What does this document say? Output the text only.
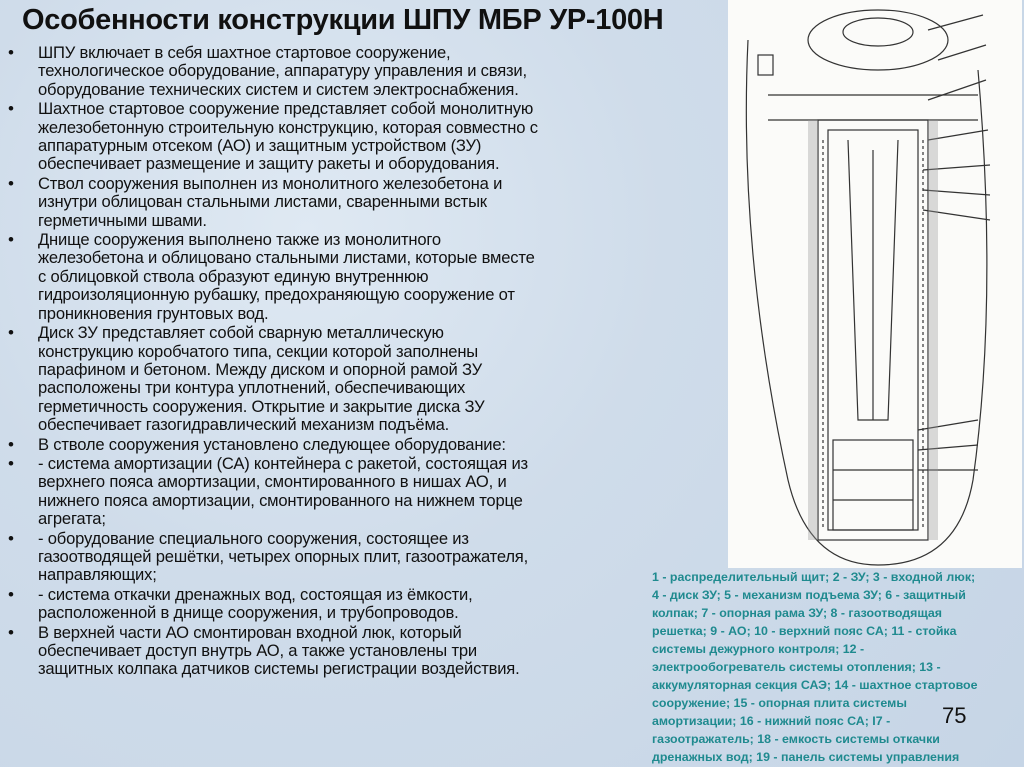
Особенности конструкции ШПУ МБР УР-100Н
• ШПУ включает в себя шахтное стартовое сооружение,
технологическое оборудование, аппаратуру управления и связи,
оборудование технических систем и систем электроснабжения.
• Шахтное стартовое сооружение представляет собой монолитную
железобетонную строительную конструкцию, которая совместно с
аппаратурным отсеком (АО) и защитным устройством (ЗУ)
обеспечивает размещение и защиту ракеты и оборудования.
• Ствол сооружения выполнен из монолитного железобетона и
изнутри облицован стальными листами, сваренными встык
герметичными швами.
• Днище сооружения выполнено также из монолитного
железобетона и облицовано стальными листами, которые вместе
с облицовкой ствола образуют единую внутреннюю
гидроизоляционную рубашку, предохраняющую сооружение от
проникновения грунтовых вод.
• Диск ЗУ представляет собой сварную металлическую
конструкцию коробчатого типа, секции которой заполнены
парафином и бетоном. Между диском и опорной рамой ЗУ
расположены три контура уплотнений, обеспечивающих
герметичность сооружения. Открытие и закрытие диска ЗУ
обеспечивает газогидравлический механизм подъёма.
• В стволе сооружения установлено следующее оборудование:
• - система амортизации (СА) контейнера с ракетой, состоящая из
верхнего пояса амортизации, смонтированного в нишах АО, и
нижнего пояса амортизации, смонтированного на нижнем торце
агрегата;
• - оборудование специального сооружения, состоящее из
газоотводящей решётки, четырех опорных плит, газоотражателя,
направляющих;
• - система откачки дренажных вод, состоящая из ёмкости,
расположенной в днище сооружения, и трубопроводов.
• В верхней части АО смонтирован входной люк, который
обеспечивает доступ внутрь АО, а также установлены три
защитных колпака датчиков системы регистрации воздействия.
1 - распределительный щит; 2 - ЗУ; 3 - входной люк;
4 - диск ЗУ; 5 - механизм подъема ЗУ; 6 - защитный
колпак; 7 - опорная рама ЗУ; 8 - газоотводящая
решетка; 9 - АО; 10 - верхний пояс СА; 11 - стойка
системы дежурного контроля; 12 -
электрообогреватель системы отопления; 13 -
аккумуляторная секция САЭ; 14 - шахтное стартовое
сооружение; 15 - опорная плита системы
амортизации; 16 - нижний пояс СА; І7 -
газоотражатель; 18 - емкость системы откачки
дренажных вод; 19 - панель системы управления
75
